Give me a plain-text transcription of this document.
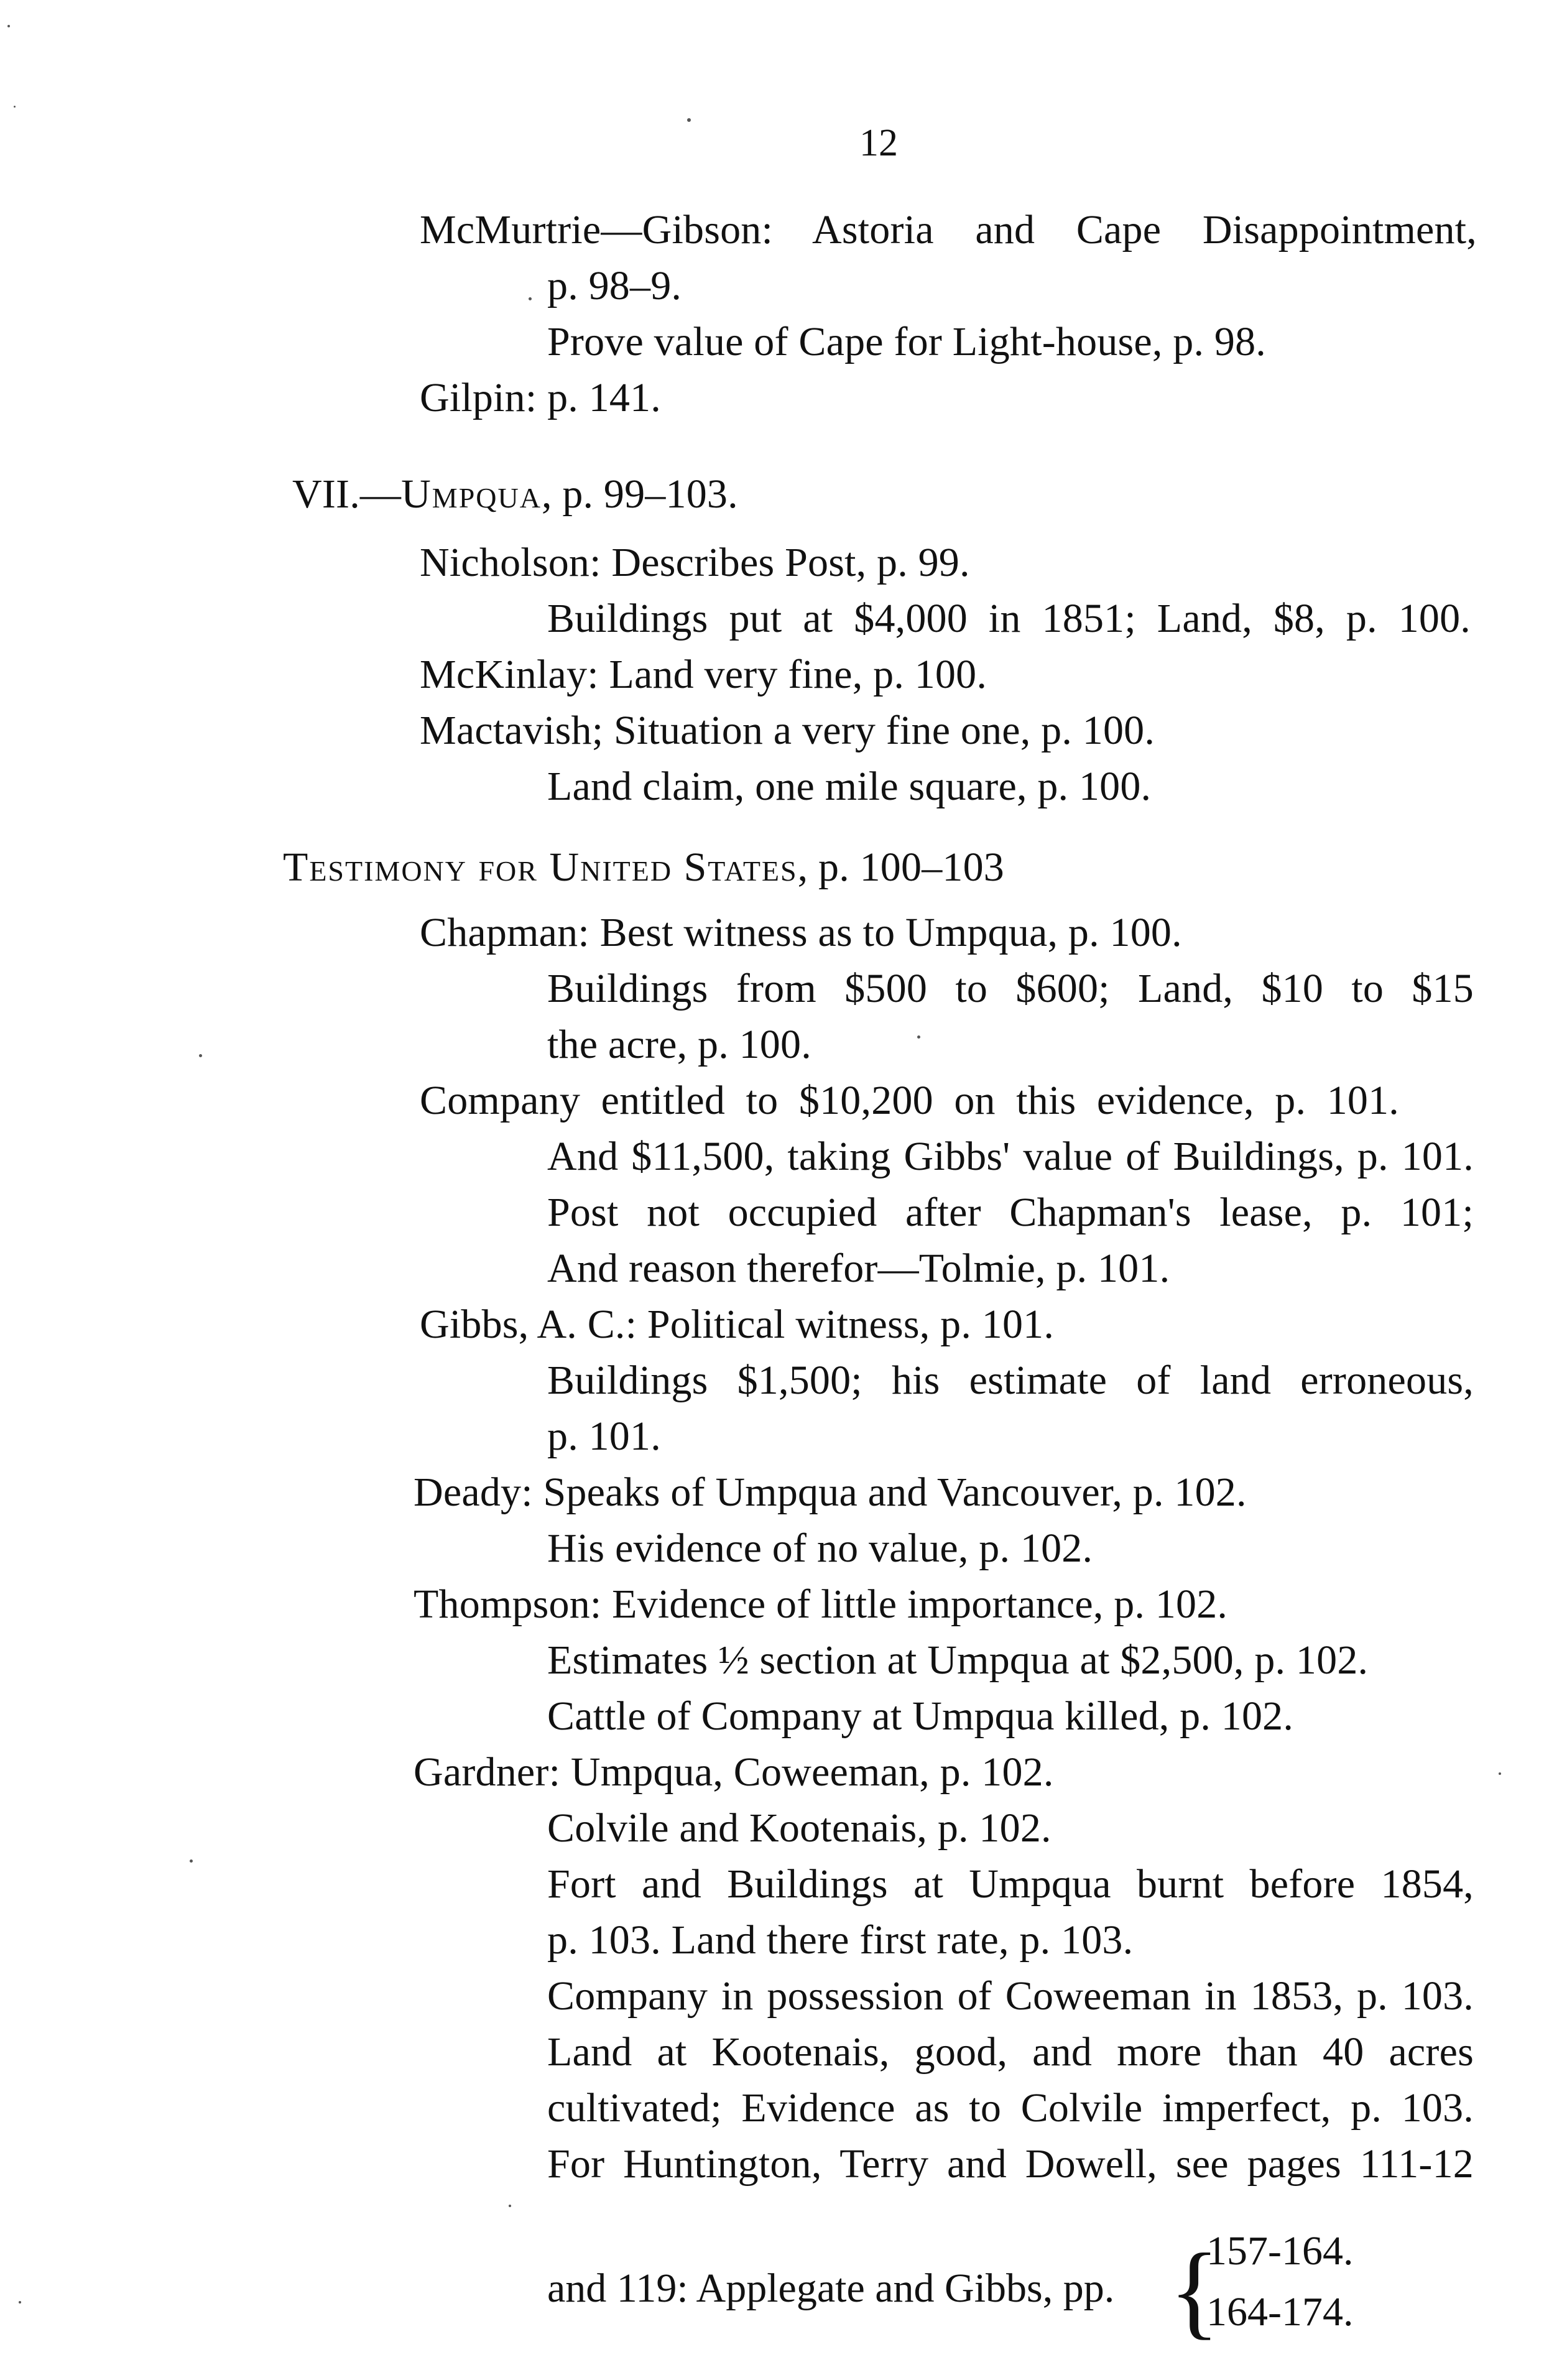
12
McMurtrie—Gibson: Astoria and Cape Disappointment,
p. 98–9.
Prove value of Cape for Light-house, p. 98.
Gilpin: p. 141.
VII.—Umpqua, p. 99–103.
Nicholson: Describes Post, p. 99.
Buildings put at $4,000 in 1851; Land, $8, p. 100.
McKinlay: Land very fine, p. 100.
Mactavish; Situation a very fine one, p. 100.
Land claim, one mile square, p. 100.
Testimony for United States, p. 100–103
Chapman: Best witness as to Umpqua, p. 100.
Buildings from $500 to $600; Land, $10 to $15
the acre, p. 100.
Company entitled to $10,200 on this evidence, p. 101.
And $11,500, taking Gibbs' value of Buildings, p. 101.
Post not occupied after Chapman's lease, p. 101;
And reason therefor—Tolmie, p. 101.
Gibbs, A. C.: Political witness, p. 101.
Buildings $1,500; his estimate of land erroneous,
p. 101.
Deady: Speaks of Umpqua and Vancouver, p. 102.
His evidence of no value, p. 102.
Thompson: Evidence of little importance, p. 102.
Estimates ½ section at Umpqua at $2,500, p. 102.
Cattle of Company at Umpqua killed, p. 102.
Gardner: Umpqua, Coweeman, p. 102.
Colvile and Kootenais, p. 102.
Fort and Buildings at Umpqua burnt before 1854,
p. 103. Land there first rate, p. 103.
Company in possession of Coweeman in 1853, p. 103.
Land at Kootenais, good, and more than 40 acres
cultivated; Evidence as to Colvile imperfect, p. 103.
For Huntington, Terry and Dowell, see pages 111-12
and 119: Applegate and Gibbs, pp. {
157-164.
164-174.
